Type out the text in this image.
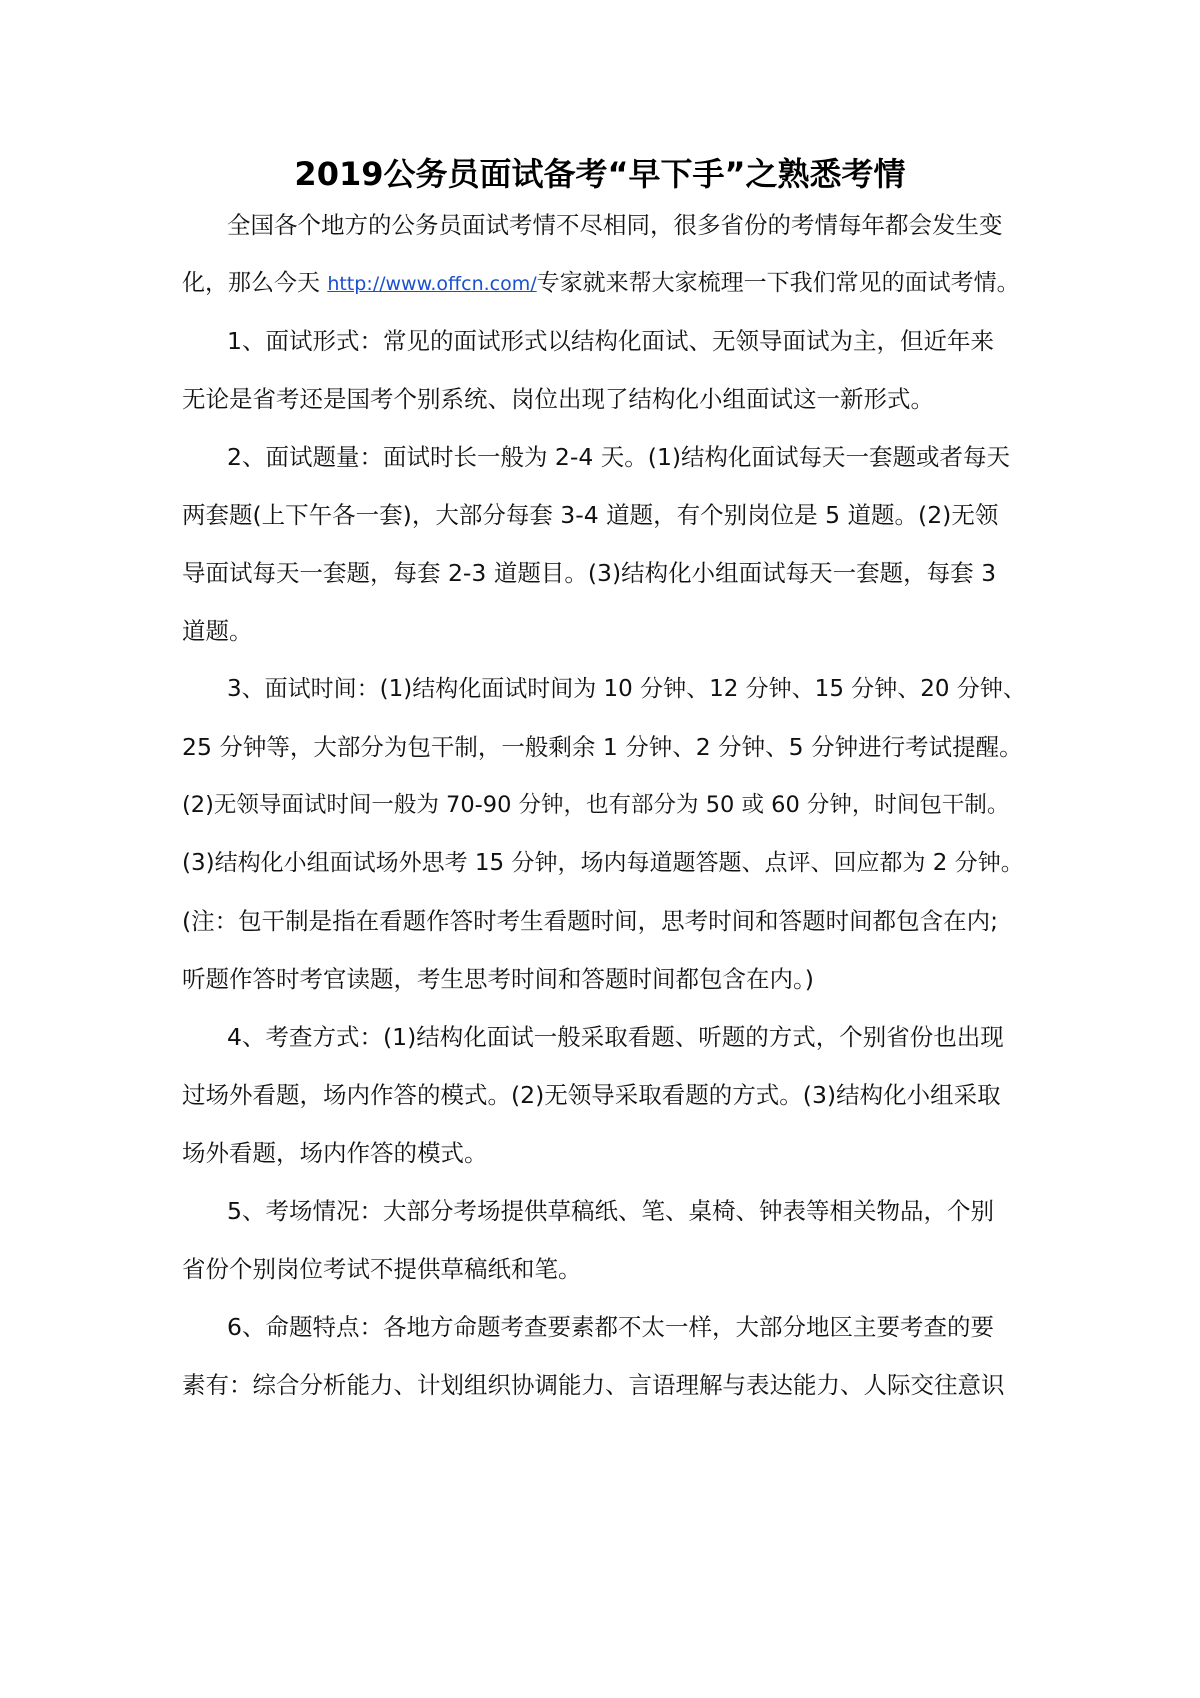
2019公务员面试备考“早下手”之熟悉考情
全国各个地方的公务员面试考情不尽相同，很多省份的考情每年都会发生变
化，那么今天 http://www.offcn.com/专家就来帮大家梳理一下我们常见的面试考情。
1、面试形式：常见的面试形式以结构化面试、无领导面试为主，但近年来
无论是省考还是国考个别系统、岗位出现了结构化小组面试这一新形式。
2、面试题量：面试时长一般为 2-4 天。(1)结构化面试每天一套题或者每天
两套题(上下午各一套)，大部分每套 3-4 道题，有个别岗位是 5 道题。(2)无领
导面试每天一套题，每套 2-3 道题目。(3)结构化小组面试每天一套题，每套 3
道题。
3、面试时间：(1)结构化面试时间为 10 分钟、12 分钟、15 分钟、20 分钟、
25 分钟等，大部分为包干制，一般剩余 1 分钟、2 分钟、5 分钟进行考试提醒。
(2)无领导面试时间一般为 70-90 分钟，也有部分为 50 或 60 分钟，时间包干制。
(3)结构化小组面试场外思考 15 分钟，场内每道题答题、点评、回应都为 2 分钟。
(注：包干制是指在看题作答时考生看题时间，思考时间和答题时间都包含在内;
听题作答时考官读题，考生思考时间和答题时间都包含在内。)
4、考查方式：(1)结构化面试一般采取看题、听题的方式，个别省份也出现
过场外看题，场内作答的模式。(2)无领导采取看题的方式。(3)结构化小组采取
场外看题，场内作答的模式。
5、考场情况：大部分考场提供草稿纸、笔、桌椅、钟表等相关物品，个别
省份个别岗位考试不提供草稿纸和笔。
6、命题特点：各地方命题考查要素都不太一样，大部分地区主要考查的要
素有：综合分析能力、计划组织协调能力、言语理解与表达能力、人际交往意识
